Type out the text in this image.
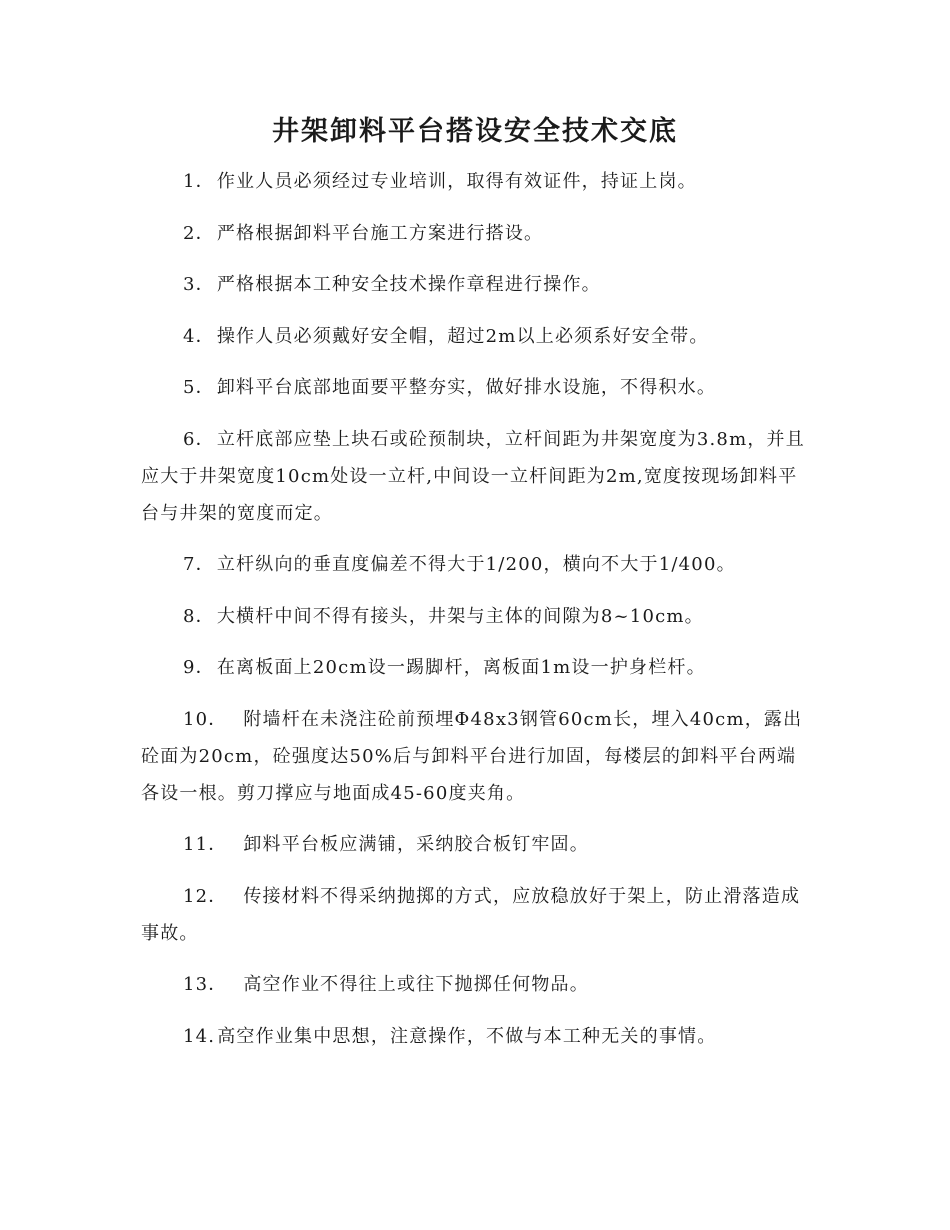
井架卸料平台搭设安全技术交底

1． 作业人员必须经过专业培训，取得有效证件，持证上岗。

2． 严格根据卸料平台施工方案进行搭设。

3． 严格根据本工种安全技术操作章程进行操作。

4． 操作人员必须戴好安全帽，超过2m以上必须系好安全带。

5． 卸料平台底部地面要平整夯实，做好排水设施，不得积水。

6． 立杆底部应垫上块石或砼预制块，立杆间距为井架宽度为3.8m，并且应大于井架宽度10cm处设一立杆,中间设一立杆间距为2m,宽度按现场卸料平台与井架的宽度而定。

7． 立杆纵向的垂直度偏差不得大于1/200，横向不大于1/400。

8． 大横杆中间不得有接头，井架与主体的间隙为8~10cm。

9． 在离板面上20cm设一踢脚杆，离板面1m设一护身栏杆。

10．  附墙杆在未浇注砼前预埋Φ48x3钢管60cm长，埋入40cm，露出砼面为20cm，砼强度达50%后与卸料平台进行加固，每楼层的卸料平台两端各设一根。剪刀撑应与地面成45-60度夹角。

11．  卸料平台板应满铺，采纳胶合板钉牢固。

12．  传接材料不得采纳抛掷的方式，应放稳放好于架上，防止滑落造成事故。

13．  高空作业不得往上或往下抛掷任何物品。

14. 高空作业集中思想，注意操作，不做与本工种无关的事情。
